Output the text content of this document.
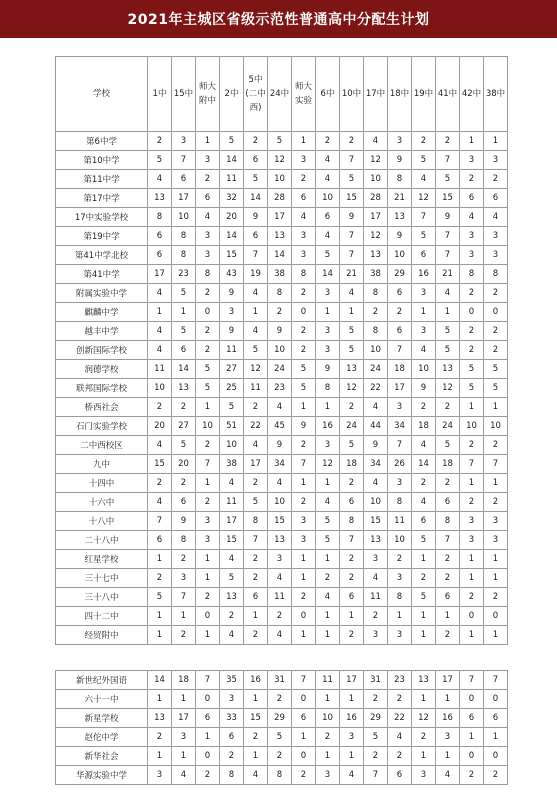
2021年主城区省级示范性普通高中分配生计划
学校	1中	15中	师大附中	2中	5中(二中西)	24中	师大实验	6中	10中	17中	18中	19中	41中	42中	38中

第6中学	2	3	1	5	2	5	1	2	2	4	3	2	2	1	1
第10中学	5	7	3	14	6	12	3	4	7	12	9	5	7	3	3
第11中学	4	6	2	11	5	10	2	4	5	10	8	4	5	2	2
第17中学	13	17	6	32	14	28	6	10	15	28	21	12	15	6	6
17中实验学校	8	10	4	20	9	17	4	6	9	17	13	7	9	4	4
第19中学	6	8	3	14	6	13	3	4	7	12	9	5	7	3	3
第41中学北校	6	8	3	15	7	14	3	5	7	13	10	6	7	3	3
第41中学	17	23	8	43	19	38	8	14	21	38	29	16	21	8	8
附属实验中学	4	5	2	9	4	8	2	3	4	8	6	3	4	2	2
麒麟中学	1	1	0	3	1	2	0	1	1	2	2	1	1	0	0
越丰中学	4	5	2	9	4	9	2	3	5	8	6	3	5	2	2
创新国际学校	4	6	2	11	5	10	2	3	5	10	7	4	5	2	2
润德学校	11	14	5	27	12	24	5	9	13	24	18	10	13	5	5
联邦国际学校	10	13	5	25	11	23	5	8	12	22	17	9	12	5	5
桥西社会	2	2	1	5	2	4	1	1	2	4	3	2	2	1	1
石门实验学校	20	27	10	51	22	45	9	16	24	44	34	18	24	10	10
二中西校区	4	5	2	10	4	9	2	3	5	9	7	4	5	2	2
九中	15	20	7	38	17	34	7	12	18	34	26	14	18	7	7
十四中	2	2	1	4	2	4	1	1	2	4	3	2	2	1	1
十六中	4	6	2	11	5	10	2	4	6	10	8	4	6	2	2
十八中	7	9	3	17	8	15	3	5	8	15	11	6	8	3	3
二十八中	6	8	3	15	7	13	3	5	7	13	10	5	7	3	3
红星学校	1	2	1	4	2	3	1	1	2	3	2	1	2	1	1
三十七中	2	3	1	5	2	4	1	2	2	4	3	2	2	1	1
三十八中	5	7	2	13	6	11	2	4	6	11	8	5	6	2	2
四十二中	1	1	0	2	1	2	0	1	1	2	1	1	1	0	0
经贸附中	1	2	1	4	2	4	1	1	2	3	3	1	2	1	1
新世纪外国语	14	18	7	35	16	31	7	11	17	31	23	13	17	7	7
六十一中	1	1	0	3	1	2	0	1	1	2	2	1	1	0	0
新星学校	13	17	6	33	15	29	6	10	16	29	22	12	16	6	6
赵佗中学	2	3	1	6	2	5	1	2	3	5	4	2	3	1	1
新华社会	1	1	0	2	1	2	0	1	1	2	2	1	1	0	0
华源实验中学	3	4	2	8	4	8	2	3	4	7	6	3	4	2	2
